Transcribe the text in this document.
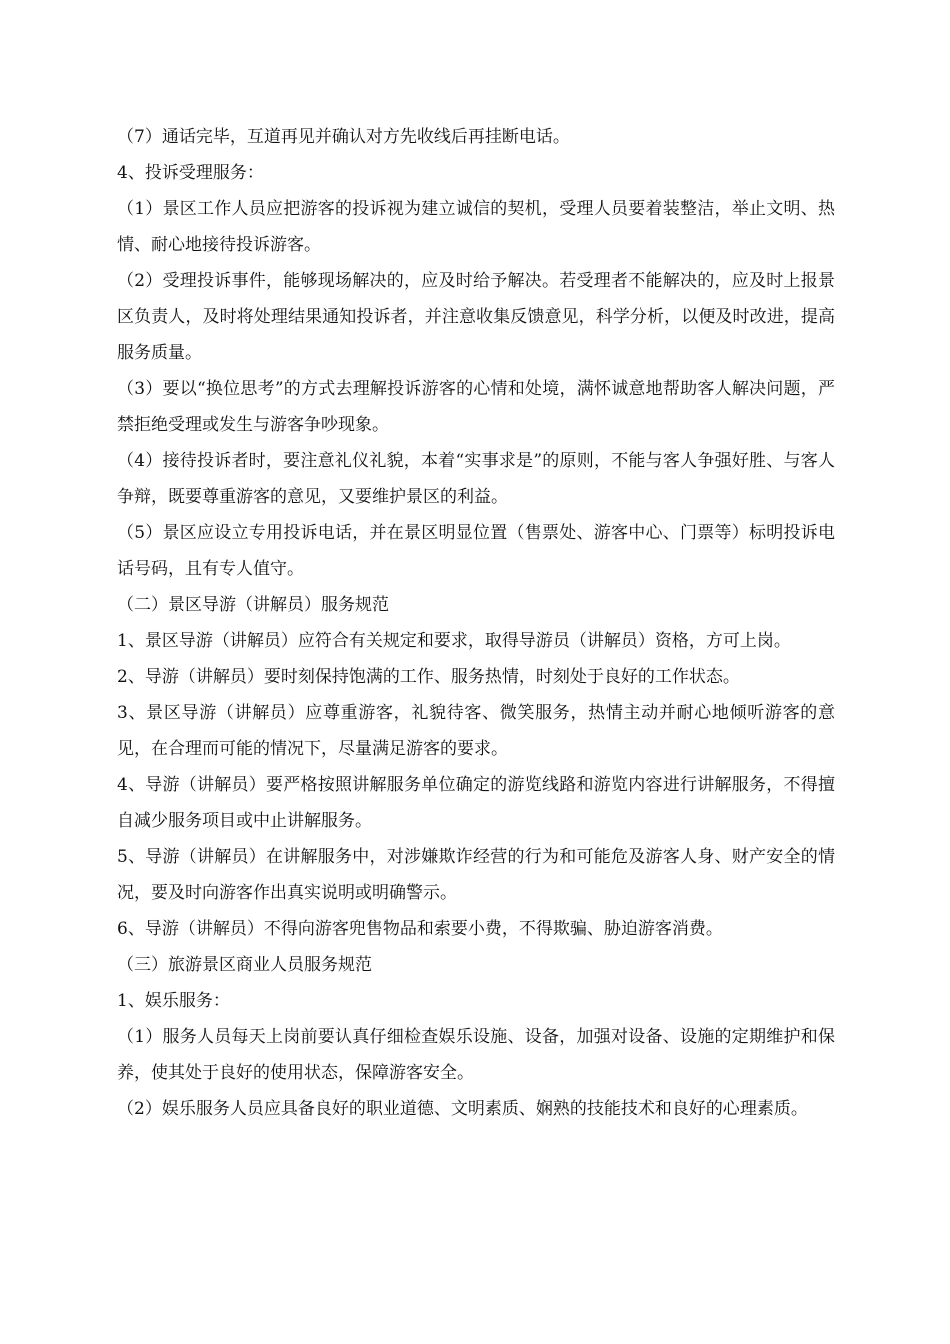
（7）通话完毕，互道再见并确认对方先收线后再挂断电话。

4、投诉受理服务：

（1）景区工作人员应把游客的投诉视为建立诚信的契机，受理人员要着装整洁，举止文明、热情、耐心地接待投诉游客。

（2）受理投诉事件，能够现场解决的，应及时给予解决。若受理者不能解决的，应及时上报景区负责人，及时将处理结果通知投诉者，并注意收集反馈意见，科学分析，以便及时改进，提高服务质量。

（3）要以“换位思考”的方式去理解投诉游客的心情和处境，满怀诚意地帮助客人解决问题，严禁拒绝受理或发生与游客争吵现象。

（4）接待投诉者时，要注意礼仪礼貌，本着“实事求是”的原则，不能与客人争强好胜、与客人争辩，既要尊重游客的意见，又要维护景区的利益。

（5）景区应设立专用投诉电话，并在景区明显位置（售票处、游客中心、门票等）标明投诉电话号码，且有专人值守。

（二）景区导游（讲解员）服务规范

1、景区导游（讲解员）应符合有关规定和要求，取得导游员（讲解员）资格，方可上岗。

2、导游（讲解员）要时刻保持饱满的工作、服务热情，时刻处于良好的工作状态。

3、景区导游（讲解员）应尊重游客，礼貌待客、微笑服务，热情主动并耐心地倾听游客的意见，在合理而可能的情况下，尽量满足游客的要求。

4、导游（讲解员）要严格按照讲解服务单位确定的游览线路和游览内容进行讲解服务，不得擅自减少服务项目或中止讲解服务。

5、导游（讲解员）在讲解服务中，对涉嫌欺诈经营的行为和可能危及游客人身、财产安全的情况，要及时向游客作出真实说明或明确警示。

6、导游（讲解员）不得向游客兜售物品和索要小费，不得欺骗、胁迫游客消费。

（三）旅游景区商业人员服务规范

1、娱乐服务：

（1）服务人员每天上岗前要认真仔细检查娱乐设施、设备，加强对设备、设施的定期维护和保养，使其处于良好的使用状态，保障游客安全。

（2）娱乐服务人员应具备良好的职业道德、文明素质、娴熟的技能技术和良好的心理素质。
